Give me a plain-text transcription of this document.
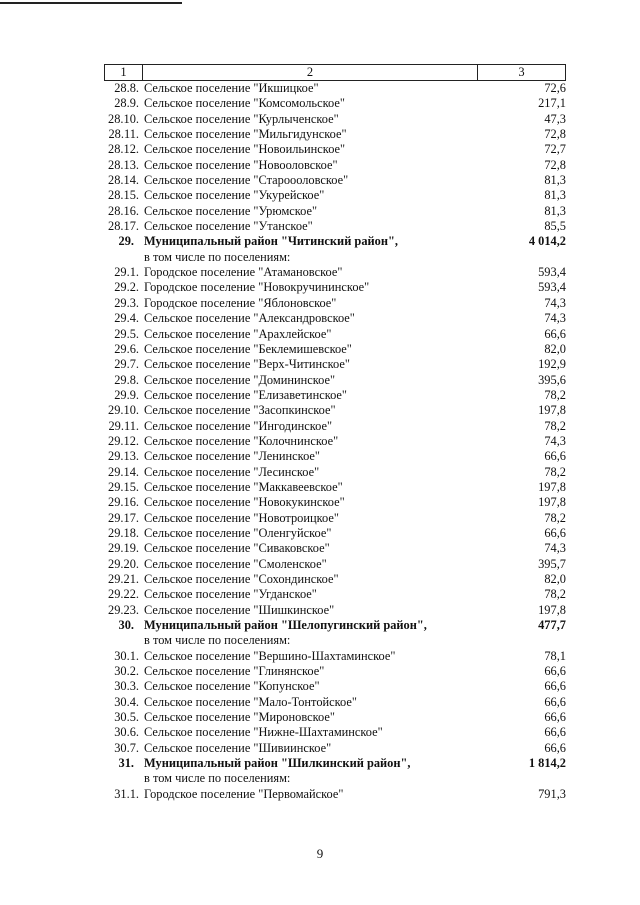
1	2	3
28.8. Сельское поселение "Икшицкое"	72,6
28.9. Сельское поселение "Комсомольское"	217,1
28.10. Сельское поселение "Курлыченское"	47,3
28.11. Сельское поселение "Мильгидунское"	72,8
28.12. Сельское поселение "Новоильинское"	72,7
28.13. Сельское поселение "Новооловское"	72,8
28.14. Сельское поселение "Староооловское"	81,3
28.15. Сельское поселение "Укурейское"	81,3
28.16. Сельское поселение "Урюмское"	81,3
28.17. Сельское поселение "Утанское"	85,5
29. Муниципальный район "Читинский район",	4 014,2
в том числе по поселениям:
29.1. Городское поселение "Атамановское"	593,4
29.2. Городское поселение "Новокручининское"	593,4
29.3. Городское поселение "Яблоновское"	74,3
29.4. Сельское поселение "Александровское"	74,3
29.5. Сельское поселение "Арахлейское"	66,6
29.6. Сельское поселение "Беклемишевское"	82,0
29.7. Сельское поселение "Верх-Читинское"	192,9
29.8. Сельское поселение "Домининское"	395,6
29.9. Сельское поселение "Елизаветинское"	78,2
29.10. Сельское поселение "Засопкинское"	197,8
29.11. Сельское поселение "Ингодинское"	78,2
29.12. Сельское поселение "Колочнинское"	74,3
29.13. Сельское поселение "Ленинское"	66,6
29.14. Сельское поселение "Лесинское"	78,2
29.15. Сельское поселение "Маккавеевское"	197,8
29.16. Сельское поселение "Новокукинское"	197,8
29.17. Сельское поселение "Новотроицкое"	78,2
29.18. Сельское поселение "Оленгуйское"	66,6
29.19. Сельское поселение "Сиваковское"	74,3
29.20. Сельское поселение "Смоленское"	395,7
29.21. Сельское поселение "Сохондинское"	82,0
29.22. Сельское поселение "Угданское"	78,2
29.23. Сельское поселение "Шишкинское"	197,8
30. Муниципальный район "Шелопугинский район",	477,7
в том числе по поселениям:
30.1. Сельское поселение "Вершино-Шахтаминское"	78,1
30.2. Сельское поселение "Глинянское"	66,6
30.3. Сельское поселение "Копунское"	66,6
30.4. Сельское поселение "Мало-Тонтойское"	66,6
30.5. Сельское поселение "Мироновское"	66,6
30.6. Сельское поселение "Нижне-Шахтаминское"	66,6
30.7. Сельское поселение "Шивиинское"	66,6
31. Муниципальный район "Шилкинский район",	1 814,2
в том числе по поселениям:
31.1. Городское поселение "Первомайское"	791,3
9
